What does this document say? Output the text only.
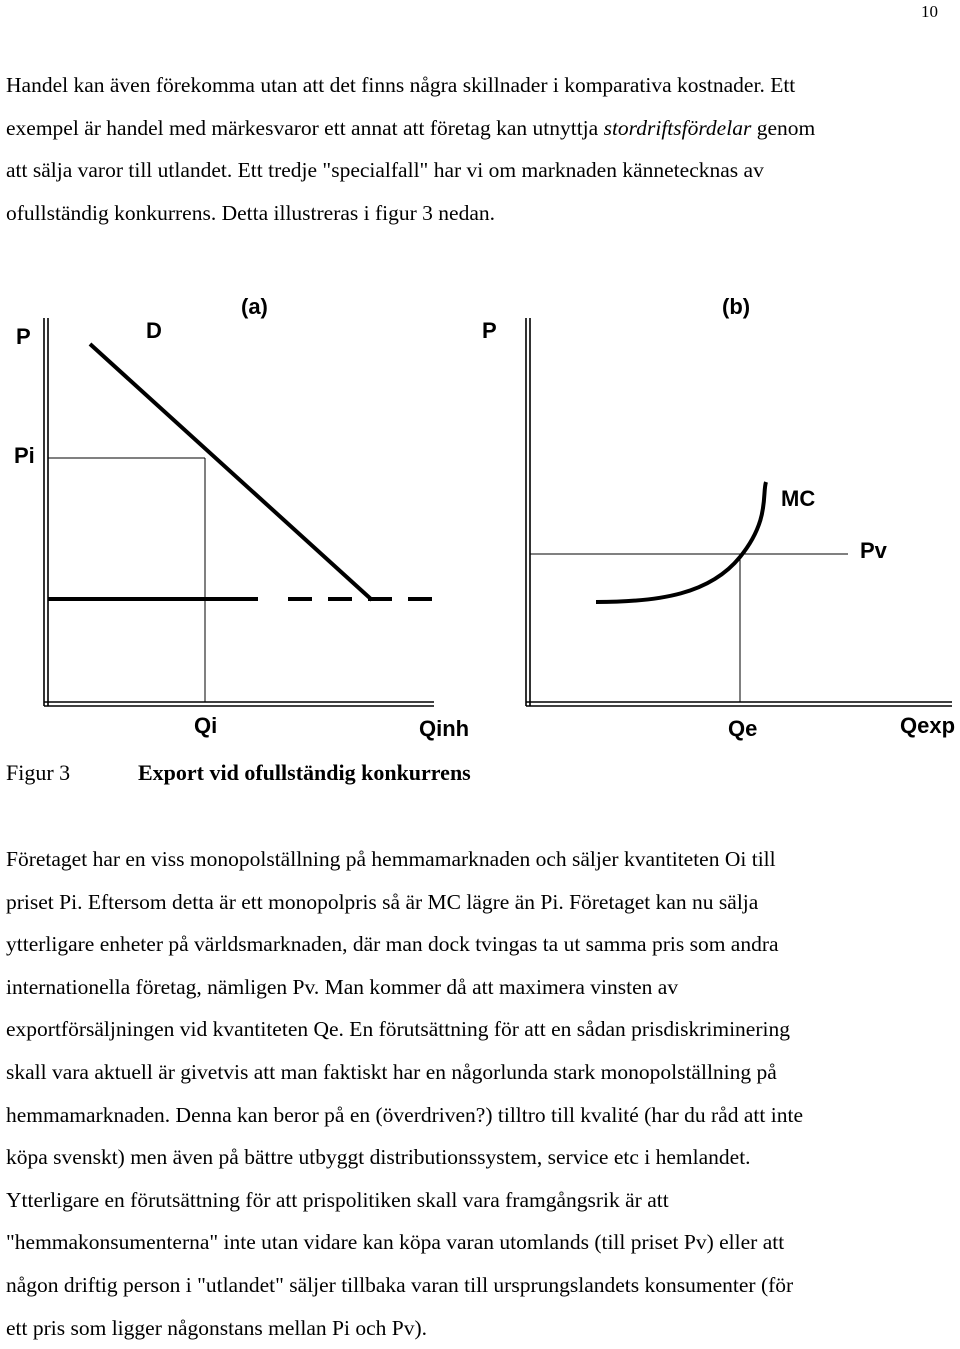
10

Handel kan även förekomma utan att det finns några skillnader i komparativa kostnader. Ett
exempel är handel med märkesvaror ett annat att företag kan utnyttja stordriftsfördelar genom
att sälja varor till utlandet. Ett tredje "specialfall" har vi om marknaden kännetecknas av
ofullständig konkurrens. Detta illustreras i figur 3 nedan.

P	D
(a)
Pi
Qi	Qinh
P
(b)
MC
Pv
Qe	Qexp
Figur 3	Export vid ofullständig konkurrens

Företaget har en viss monopolställning på hemmamarknaden och säljer kvantiteten Oi till
priset Pi. Eftersom detta är ett monopolpris så är MC lägre än Pi. Företaget kan nu sälja
ytterligare enheter på världsmarknaden, där man dock tvingas ta ut samma pris som andra
internationella företag, nämligen Pv. Man kommer då att maximera vinsten av
exportförsäljningen vid kvantiteten Qe. En förutsättning för att en sådan prisdiskriminering
skall vara aktuell är givetvis att man faktiskt har en någorlunda stark monopolställning på
hemmamarknaden. Denna kan beror på en (överdriven?) tilltro till kvalité (har du råd att inte
köpa svenskt) men även på bättre utbyggt distributionssystem, service etc i hemlandet.
Ytterligare en förutsättning för att prispolitiken skall vara framgångsrik är att
"hemmakonsumenterna" inte utan vidare kan köpa varan utomlands (till priset Pv) eller att
någon driftig person i "utlandet" säljer tillbaka varan till ursprungslandets konsumenter (för
ett pris som ligger någonstans mellan Pi och Pv).
